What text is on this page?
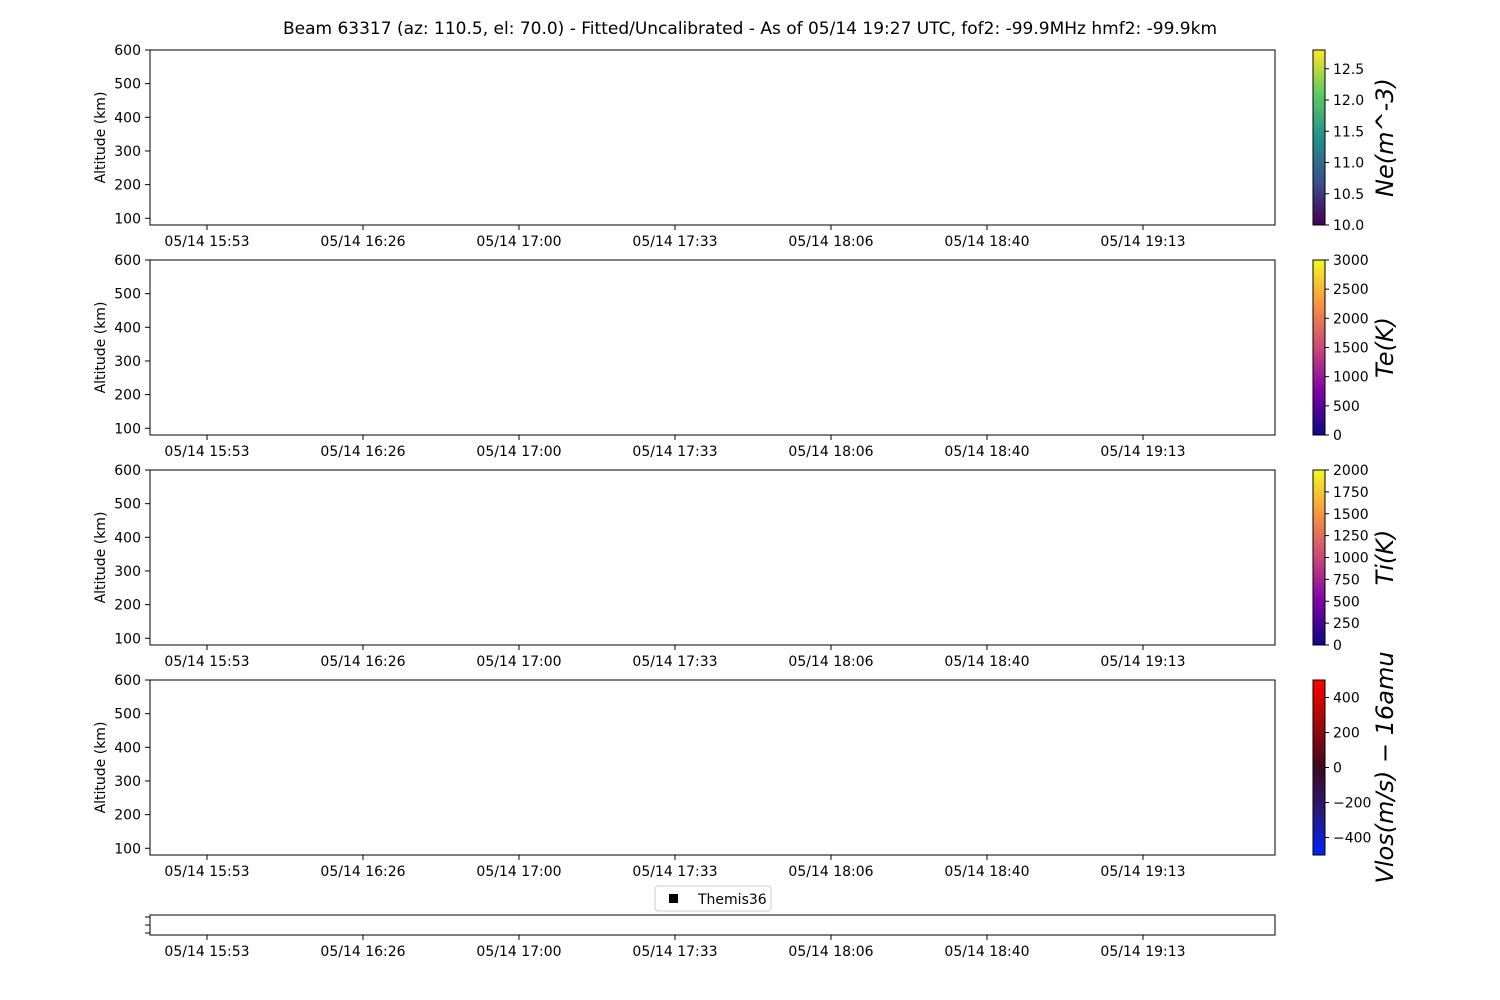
Beam 63317 (az: 110.5, el: 70.0) - Fitted/Uncalibrated - As of 05/14 19:27 UTC, fof2: -99.9MHz hmf2: -99.9km
100
200
300
400
500
600
Altitude (km)
05/14 15:53	05/14 16:26	05/14 17:00	05/14 17:33	05/14 18:06	05/14 18:40	05/14 19:13
10.0
10.5
11.0
11.5
12.0
12.5
Ne(m^-3)
100
200
300
400
500
600
Altitude (km)
05/14 15:53	05/14 16:26	05/14 17:00	05/14 17:33	05/14 18:06	05/14 18:40	05/14 19:13
0
500
1000
1500
2000
2500
3000
Te(K)
100
200
300
400
500
600
Altitude (km)
05/14 15:53	05/14 16:26	05/14 17:00	05/14 17:33	05/14 18:06	05/14 18:40	05/14 19:13
0
250
500
750
1000
1250
1500
1750
2000
Ti(K)
100
200
300
400
500
600
Altitude (km)
05/14 15:53	05/14 16:26	05/14 17:00	05/14 17:33	05/14 18:06	05/14 18:40	05/14 19:13
−400
−200
0
200
400 Vlos(m/s) − 16amu
05/14 15:53	05/14 16:26	05/14 17:00	05/14 17:33	05/14 18:06	05/14 18:40	05/14 19:13
Themis36
